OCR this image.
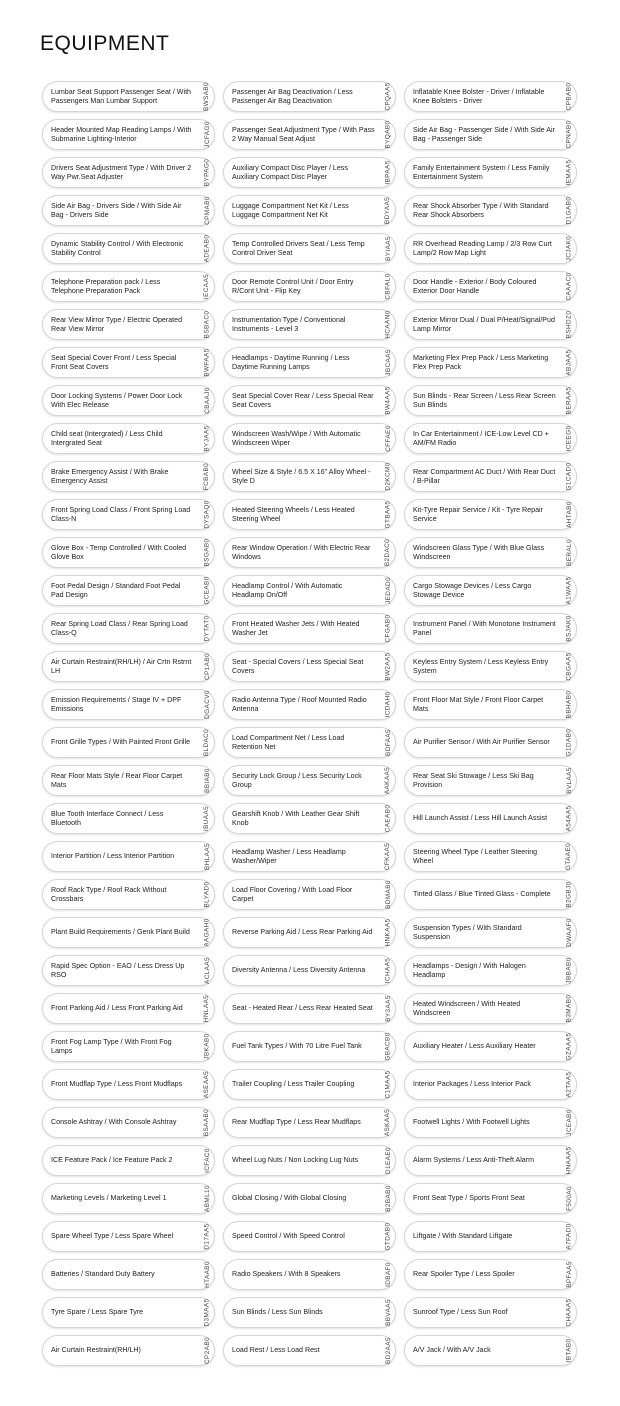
EQUIPMENT
Lumbar Seat Support Passenger Seat / With Passengers Man Lumbar Support	BWSAB0	Passenger Air Bag Deactivation / Less Passenger Air Bag Deactivation	CPQAA5	Inflatable Knee Bolster - Driver / Inflatable Knee Bolsters - Driver	CPBAB0
Header Mounted Map Reading Lamps / With Submarine Lighting-Interior	JCFAG0	Passenger Seat Adjustment Type / With Pass 2 Way Manual Seat Adjust	BYQAB0	Side Air Bag - Passenger Side / With Side Air Bag - Passenger Side	CPNAB0
Drivers Seat Adjustment Type / With Driver 2 Way Pwr.Seat Adjuster	BYPAG0	Auxiliary Compact Disc Player / Less Auxiliary Compact Disc Player	IBPAA5	Family Entertainment System / Less Family Entertainment System	IEMAA5
Side Air Bag - Drivers Side / With Side Air Bag - Drivers Side	CPMAB0	Luggage Compartment Net Kit / Less Luggage Compartment Net Kit	BDYAA5	Rear Shock Absorber Type / With Standard Rear Shock Absorbers	D1GAB0
Dynamic Stability Control / With Electronic Stability Control	ADEAB0	Temp Controlled Drivers Seat / Less Temp Control Driver Seat	BYIAA5	RR Overhead Reading Lamp / 2/3 Row Curt Lamp/2 Row Map Light	JCJAK0
Telephone Preparation pack / Less Telephone Preparation Pack	IECAA5	Door Remote Control Unit / Door Entry R/Cont Unit - Flip Key	CBFAL0	Door Handle - Exterior / Body Coloured Exterior Door Handle	CAAAC0
Rear View Mirror Type / Electric Operated Rear View Mirror	BSBAC0	Instrumentation Type / Conventional Instruments - Level 3	HCAAN0	Exterior Mirror Dual / Dual P/Heat/Signal/Pud Lamp Mirror	BSHDZ0
Seat Special Cover Front / Less Special Front Seat Covers	BWFAA5	Headlamps - Daytime Running / Less Daytime Running Lamps	JBCAA5	Marketing Flex Prep Pack / Less Marketing Flex Prep Pack	ABJAA5
Door Locking Systems / Power Door Lock With Elec Release	CBAAJ0	Seat Special Cover Rear / Less Special Rear Seat Covers	BW4AA5	Sun Blinds - Rear Screen / Less Rear Screen Sun Blinds	BERAA5
Child seat (Intergrated) / Less Child Intergrated Seat	BYJAA5	Windscreen Wash/Wipe / With Automatic Windscreen Wiper	CFFAE0	In Car Entertainment / ICE-Low Level CD + AM/FM Radio	ICEEG0
Brake Emergency Assist / With Brake Emergency Assist	FCBAB0	Wheel Size & Style / 6.5 X 16" Alloy Wheel - Style D	D2KCM0	Rear Compartment AC Duct / With Rear Duct / B-Pillar	G1CAD0
Front Spring Load Class / Front Spring Load Class-N	DYSAQ0	Heated Steering Wheels / Less Heated Steering Wheel	GTBAA5	Kit-Tyre Repair Service / Kit - Tyre Repair Service	AHTAB0
Glove Box - Temp Controlled / With Cooled Glove Box	BSGAB0	Rear Window Operation / With Electric Rear Windows	B2DAC0	Windscreen Glass Type / With Blue Glass Windscreen	BERAL0
Foot Pedal Design / Standard Foot Pedal Pad Design	GCEAB0	Headlamp Control / With Automatic Headlamp On/Off	JEDAD0	Cargo Stowage Devices / Less Cargo Stowage Device	A1WAA5
Rear Spring Load Class / Rear Spring Load Class-Q	DYTAT0	Front Heated Washer Jets / With Heated Washer Jet	CFGAB0	Instrument Panel / With Monotone Instrument Panel	BSJAK0
Air Curtain Restraint(RH/LH) / Air Crtn Rstrnt LH	CP1AB0	Seat - Special Covers / Less Special Seat Covers	BW2AA5	Keyless Entry System / Less Keyless Entry System	CBGAA5
Emission Requirements / Stage IV + DPF Emissions	DGACV0	Radio Antenna Type / Roof Mounted Radio Antenna	ICDAH0	Front Floor Mat Style / Front Floor Carpet Mats	BBHAB0
Front Grille Types / With Painted Front Grille	BLDAC0	Load Compartment Net / Less Load Retention Net	BDFAA5	Air Purifier Sensor / With Air Purifier Sensor	G1DAB0
Rear Floor Mats Style / Rear Floor Carpet Mats	BBIAB0	Security Lock Group / Less Security Lock Group	AAKAA5	Rear Seat Ski Stowage / Less Ski Bag Provision	BVLAA5
Blue Tooth Interface Connect / Less Bluetooth	IBUAA5	Gearshift Knob / With Leather Gear Shift Knob	CAEAB0	Hill Launch Assist / Less Hill Launch Assist	A54AA5
Interior Partition / Less Interior Partition	BHLAA5	Headlamp Washer / Less Headlamp Washer/Wiper	CFKAA5	Steering Wheel Type / Leather Steering Wheel	GTAAE0
Roof Rack Type / Roof Rack Without Crossbars	BLYAD0	Load Floor Covering / With Load Floor Carpet	BDMAB0	Tinted Glass / Blue Tinted Glass - Complete	B2GBJ0
Plant Build Requirements / Genk Plant Build	AAGAH0	Reverse Parking Aid / Less Rear Parking Aid	HNKAA5	Suspension Types / With Standard Suspension	DWAAF0
Rapid Spec Option - EAO / Less Dress Up RSO	ACLAA5	Diversity Antenna / Less Diversity Antenna	ICHAA5	Headlamps - Design / With Halogen Headlamp	JBBAB0
Front Parking Aid / Less Front Parking Aid	HNLAA5	Seat - Heated Rear / Less Rear Heated Seat	BY3AA5	Heated Windscreen / With Heated Windscreen	B3MAB0
Front Fog Lamp Type / With Front Fog Lamps	JBKAB0	Fuel Tank Types / With 70 Litre Fuel Tank	GBACB0	Auxiliary Heater / Less Auxiliary Heater	GZAAA5
Front Mudflap Type / Less Front Mudflaps	ASEAA5	Trailer Coupling / Less Trailer Coupling	C1MAA5	Interior Packages / Less Interior Pack	A2TAA5
Console Ashtray / With Console Ashtray	BSAAB0	Rear Mudflap Type / Less Rear Mudflaps	ASKAA5	Footwell Lights / With Footwell Lights	JCEAB0
ICE Feature Pack / Ice Feature Pack 2	ICFAC0	Wheel Lug Nuts / Non Locking Lug Nuts	D1EAE0	Alarm Systems / Less Anti-Theft Alarm	HNAAA5
Marketing Levels / Marketing Level 1	ABML10	Global Closing / With Global Closing	B2BAB0	Front Seat Type / Sports Front Seat	F500A0
Spare Wheel Type / Less Spare Wheel	D17AA5	Speed Control / With Speed Control	GTDAB0	Liftgate / With Standard Liftgate	A7FAD0
Batteries / Standard Duty Battery	HTAAB0	Radio Speakers / With 8 Speakers	IDBAF0	Rear Spoiler Type / Less Spoiler	BPFAA5
Tyre Spare / Less Spare Tyre	D3MAA5	Sun Blinds / Less Sun Blinds	BBVAA5	Sunroof Type / Less Sun Roof	CHAAA5
Air Curtain Restraint(RH/LH)	CP2AB0	Load Rest / Less Load Rest	BD2AA5	A/V Jack / With A/V Jack	IBTAB0
